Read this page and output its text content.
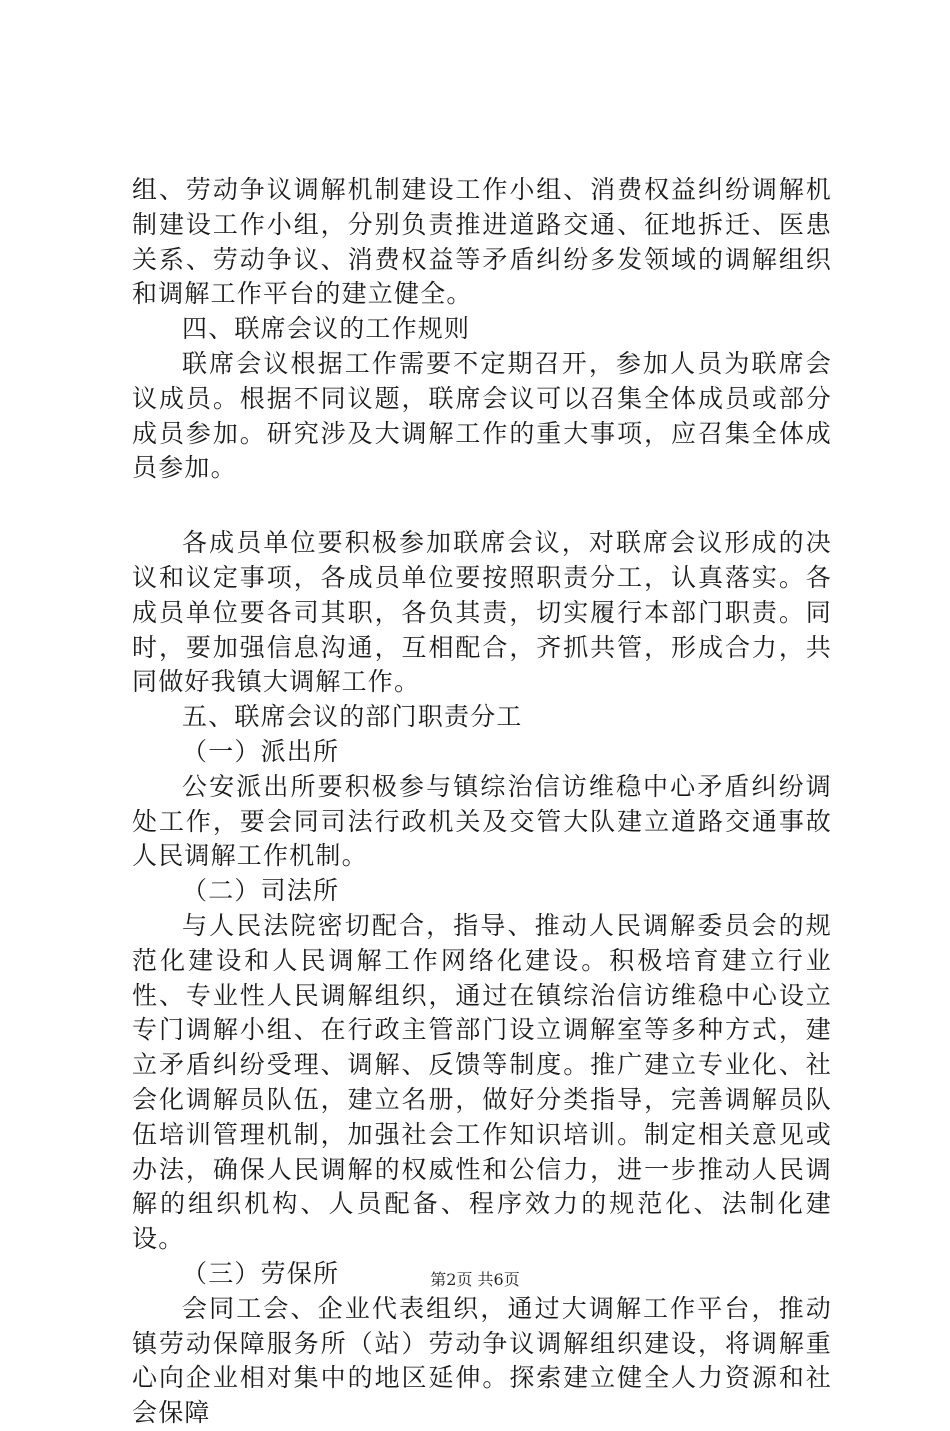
组、劳动争议调解机制建设工作小组、消费权益纠纷调解机制建设工作小组，分别负责推进道路交通、征地拆迁、医患关系、劳动争议、消费权益等矛盾纠纷多发领域的调解组织和调解工作平台的建立健全。

四、联席会议的工作规则

联席会议根据工作需要不定期召开，参加人员为联席会议成员。根据不同议题，联席会议可以召集全体成员或部分成员参加。研究涉及大调解工作的重大事项，应召集全体成员参加。

各成员单位要积极参加联席会议，对联席会议形成的决议和议定事项，各成员单位要按照职责分工，认真落实。各成员单位要各司其职，各负其责，切实履行本部门职责。同时，要加强信息沟通，互相配合，齐抓共管，形成合力，共同做好我镇大调解工作。

五、联席会议的部门职责分工

（一）派出所

公安派出所要积极参与镇综治信访维稳中心矛盾纠纷调处工作，要会同司法行政机关及交管大队建立道路交通事故人民调解工作机制。

（二）司法所

与人民法院密切配合，指导、推动人民调解委员会的规范化建设和人民调解工作网络化建设。积极培育建立行业性、专业性人民调解组织，通过在镇综治信访维稳中心设立专门调解小组、在行政主管部门设立调解室等多种方式，建立矛盾纠纷受理、调解、反馈等制度。推广建立专业化、社会化调解员队伍，建立名册，做好分类指导，完善调解员队伍培训管理机制，加强社会工作知识培训。制定相关意见或办法，确保人民调解的权威性和公信力，进一步推动人民调解的组织机构、人员配备、程序效力的规范化、法制化建设。

（三）劳保所

会同工会、企业代表组织，通过大调解工作平台，推动镇劳动保障服务所（站）劳动争议调解组织建设，将调解重心向企业相对集中的地区延伸。探索建立健全人力资源和社会保障

第2页 共6页
